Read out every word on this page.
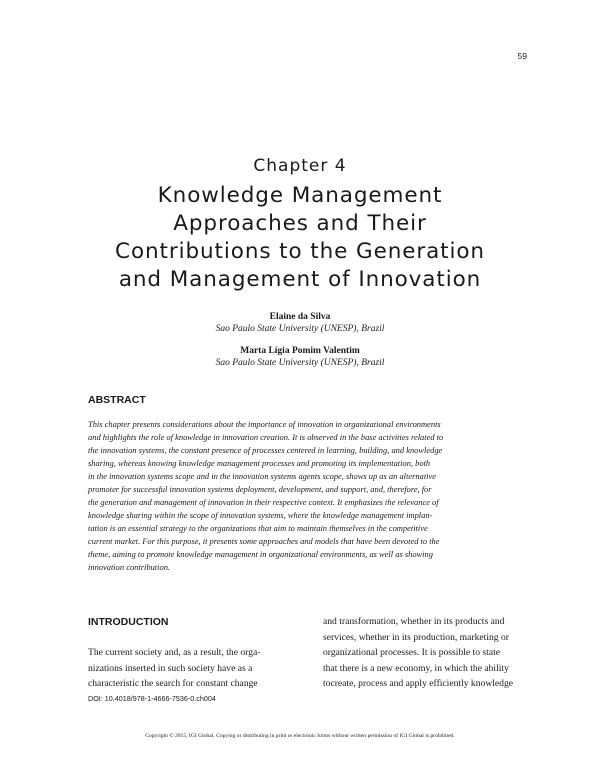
59
Chapter 4
Knowledge Management
Approaches and Their
Contributions to the Generation
and Management of Innovation
Elaine da Silva
Sao Paulo State University (UNESP), Brazil
Marta Lígia Pomim Valentim
Sao Paulo State University (UNESP), Brazil
ABSTRACT
This chapter presents considerations about the importance of innovation in organizational environments
and highlights the role of knowledge in innovation creation. It is observed in the base activities related to
the innovation systems, the constant presence of processes centered in learning, building, and knowledge
sharing, whereas knowing knowledge management processes and promoting its implementation, both
in the innovation systems scope and in the innovation systems agents scope, shows up as an alternative
promoter for successful innovation systems deployment, development, and support, and, therefore, for
the generation and management of innovation in their respective context. It emphasizes the relevance of
knowledge sharing within the scope of innovation systems, where the knowledge management implan-
tation is an essential strategy to the organizations that aim to maintain themselves in the competitive
current market. For this purpose, it presents some approaches and models that have been devoted to the
theme, aiming to promote knowledge management in organizational environments, as well as showing
innovation contribution.
INTRODUCTION
The current society and, as a result, the orga-
nizations inserted in such society have as a
characteristic the search for constant change
and transformation, whether in its products and
services, whether in its production, marketing or
organizational processes. It is possible to state
that there is a new economy, in which the ability
tocreate, process and apply efficiently knowledge
DOI: 10.4018/978-1-4666-7536-0.ch004
Copyright © 2015, IGI Global. Copying or distributing in print or electronic forms without written permission of IGI Global is prohibited.
